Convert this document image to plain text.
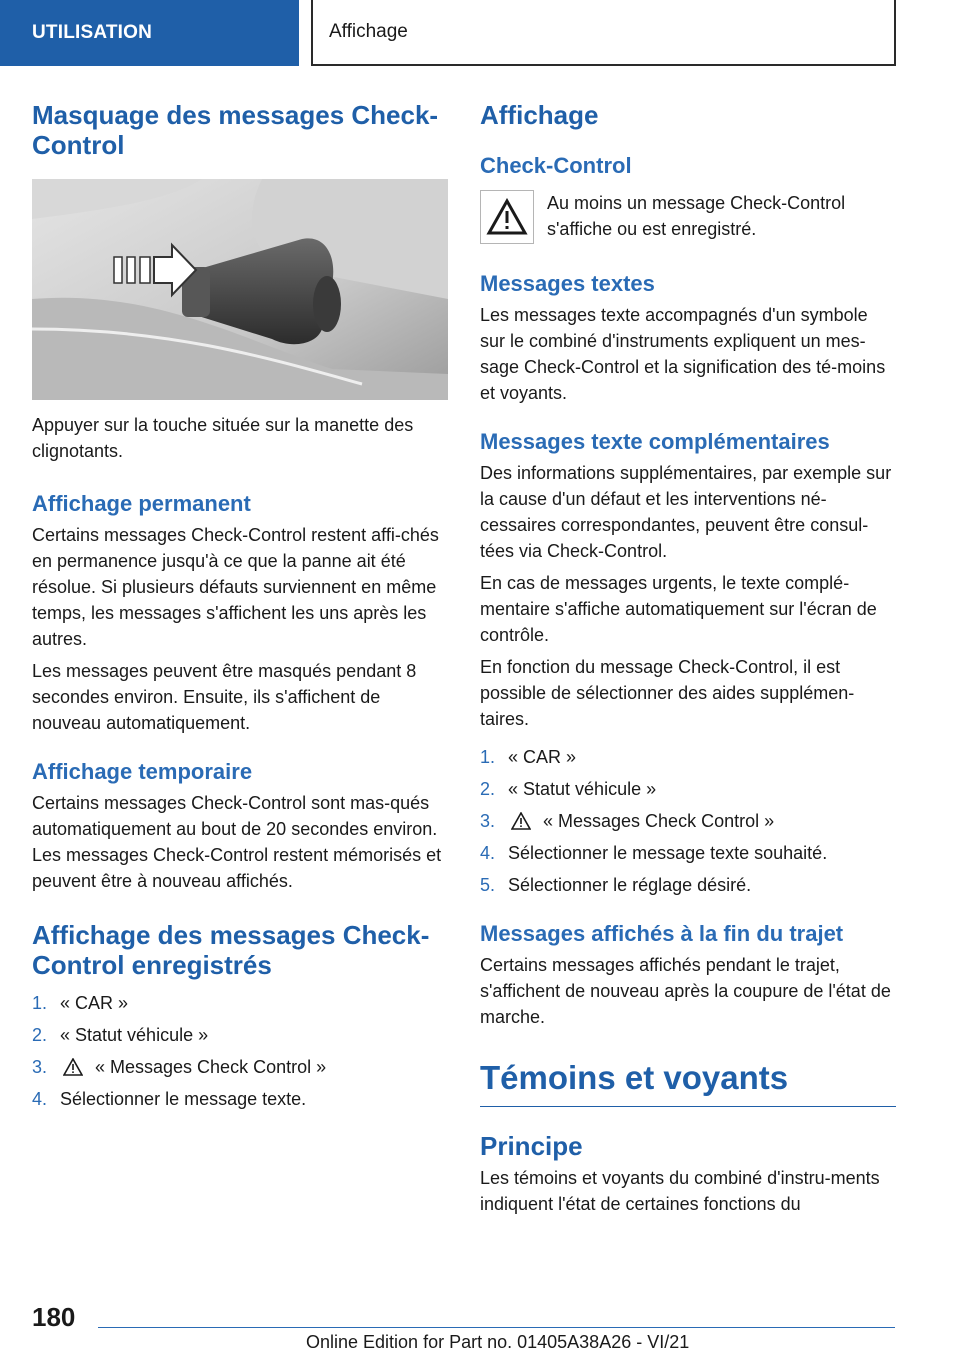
UTILISATION	Affichage
Masquage des messages Check-Control

Appuyer sur la touche située sur la manette des clignotants.

Affichage permanent

Certains messages Check-Control restent affi-chés en permanence jusqu'à ce que la panne ait été résolue. Si plusieurs défauts surviennent en même temps, les messages s'affichent les uns après les autres.

Les messages peuvent être masqués pendant 8 secondes environ. Ensuite, ils s'affichent de nouveau automatiquement.

Affichage temporaire

Certains messages Check-Control sont mas-qués automatiquement au bout de 20 secondes environ. Les messages Check-Control restent mémorisés et peuvent être à nouveau affichés.

Affichage des messages Check-Control enregistrés
1. « CAR »
2. « Statut véhicule »
3.	« Messages Check Control »
4. Sélectionner le message texte.
Affichage
Check-Control
Au moins un message Check-Control s'affiche ou est enregistré.
Messages textes

Les messages texte accompagnés d'un symbole sur le combiné d'instruments expliquent un mes-sage Check-Control et la signification des té-moins et voyants.

Messages texte complémentaires

Des informations supplémentaires, par exemple sur la cause d'un défaut et les interventions né-cessaires correspondantes, peuvent être consul-tées via Check-Control.

En cas de messages urgents, le texte complé-mentaire s'affiche automatiquement sur l'écran de contrôle.

En fonction du message Check-Control, il est possible de sélectionner des aides supplémen-taires.

1. « CAR »
2. « Statut véhicule »
3.	« Messages Check Control »
4. Sélectionner le message texte souhaité.
5. Sélectionner le réglage désiré.
Messages affichés à la fin du trajet

Certains messages affichés pendant le trajet, s'affichent de nouveau après la coupure de l'état de marche.

Témoins et voyants
Principe

Les témoins et voyants du combiné d'instru-ments indiquent l'état de certaines fonctions du

180
Online Edition for Part no. 01405A38A26 - VI/21
